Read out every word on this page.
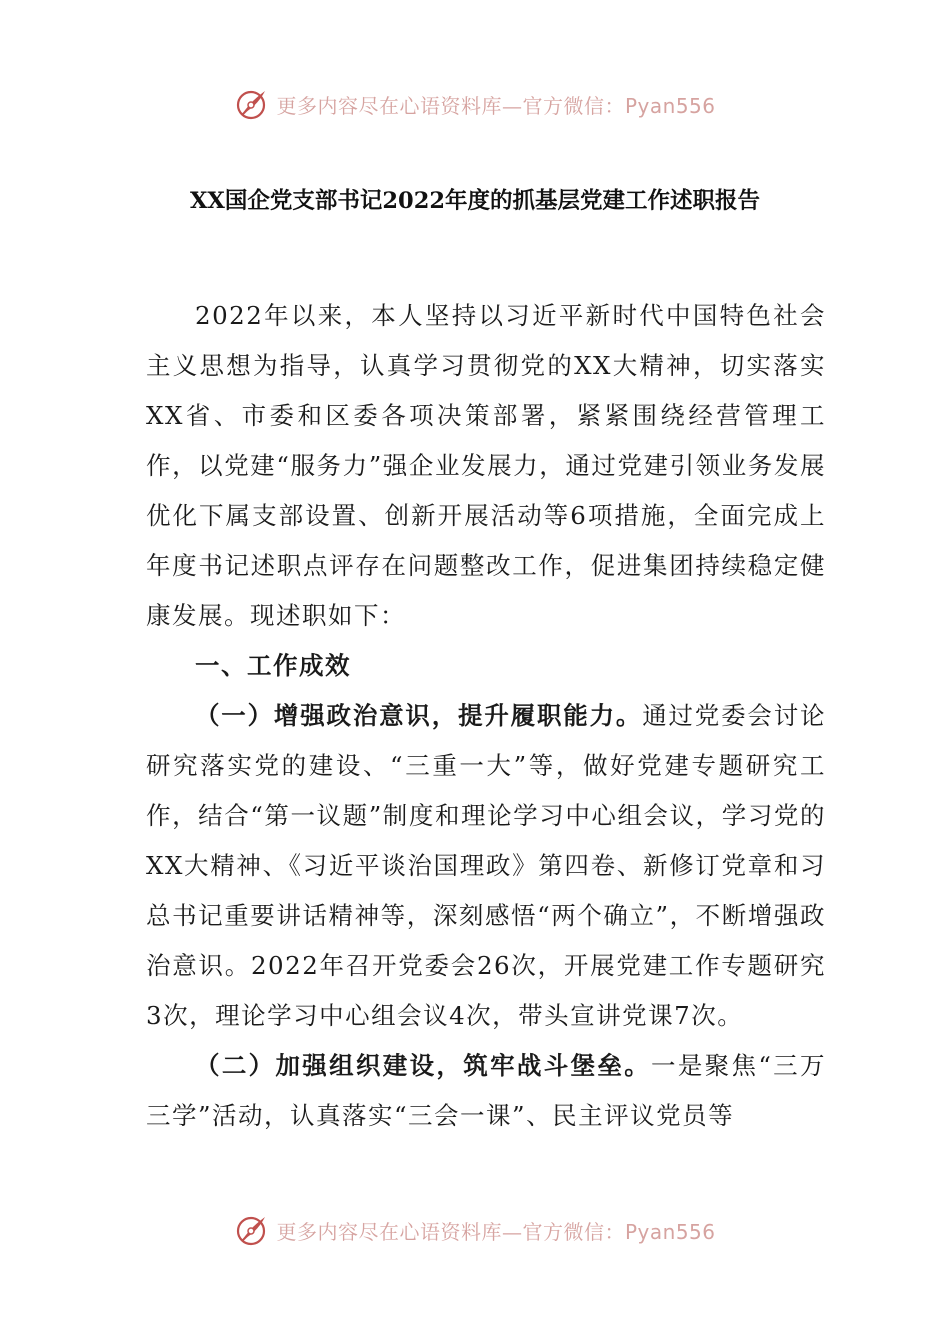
更多内容尽在心语资料库—官方微信：Pyan556
XX国企党支部书记2022年度的抓基层党建工作述职报告

2022年以来，本人坚持以习近平新时代中国特色社会主义思想为指导，认真学习贯彻党的XX大精神，切实落实XX省、市委和区委各项决策部署，紧紧围绕经营管理工作，以党建“服务力”强企业发展力，通过党建引领业务发展优化下属支部设置、创新开展活动等6项措施，全面完成上年度书记述职点评存在问题整改工作，促进集团持续稳定健康发展。现述职如下：

一、工作成效

（一）增强政治意识，提升履职能力。通过党委会讨论研究落实党的建设、“三重一大”等，做好党建专题研究工作，结合“第一议题”制度和理论学习中心组会议，学习党的XX大精神、《习近平谈治国理政》第四卷、新修订党章和习总书记重要讲话精神等，深刻感悟“两个确立”，不断增强政治意识。2022年召开党委会26次，开展党建工作专题研究3次，理论学习中心组会议4次，带头宣讲党课7次。

（二）加强组织建设，筑牢战斗堡垒。一是聚焦“三万三学”活动，认真落实“三会一课”、民主评议党员等

更多内容尽在心语资料库—官方微信：Pyan556
